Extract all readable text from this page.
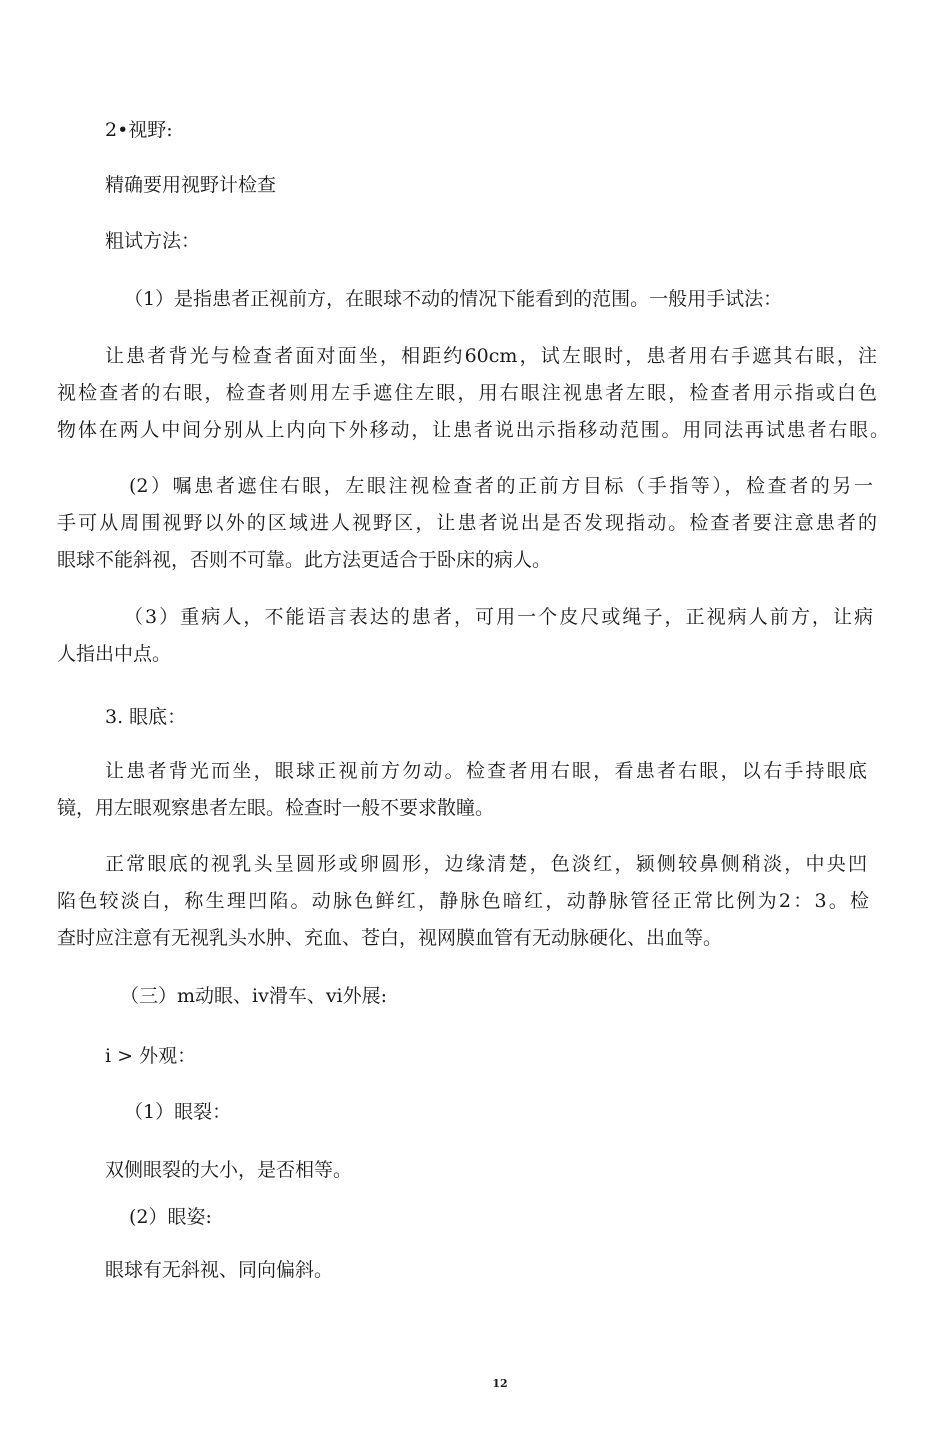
2•视野:
精确要用视野计检查
粗试方法：
（1）是指患者正视前方，在眼球不动的情况下能看到的范围。一般用手试法：
让患者背光与检查者面对面坐，相距约60cm，试左眼时，患者用右手遮其右眼，注
视检查者的右眼，检查者则用左手遮住左眼，用右眼注视患者左眼，检查者用示指或白色
物体在两人中间分别从上内向下外移动，让患者说出示指移动范围。用同法再试患者右眼。
(2）嘱患者遮住右眼，左眼注视检查者的正前方目标（手指等），检查者的另一
手可从周围视野以外的区域进人视野区，让患者说出是否发现指动。检查者要注意患者的
眼球不能斜视，否则不可靠。此方法更适合于卧床的病人。
（3）重病人，不能语言表达的患者，可用一个皮尺或绳子，正视病人前方，让病
人指出中点。
3. 眼底：
让患者背光而坐，眼球正视前方勿动。检查者用右眼，看患者右眼，以右手持眼底
镜，用左眼观察患者左眼。检查时一般不要求散瞳。
正常眼底的视乳头呈圆形或卵圆形，边缘清楚，色淡红，颍侧较鼻侧稍淡，中央凹
陷色较淡白，称生理凹陷。动脉色鲜红，静脉色暗红，动静脉管径正常比例为2：3。检
查时应注意有无视乳头水肿、充血、苍白，视网膜血管有无动脉硬化、出血等。
（三）m动眼、iv滑车、vi外展:
i > 外观：
（1）眼裂：
双侧眼裂的大小，是否相等。
(2）眼姿:
眼球有无斜视、同向偏斜。
12
